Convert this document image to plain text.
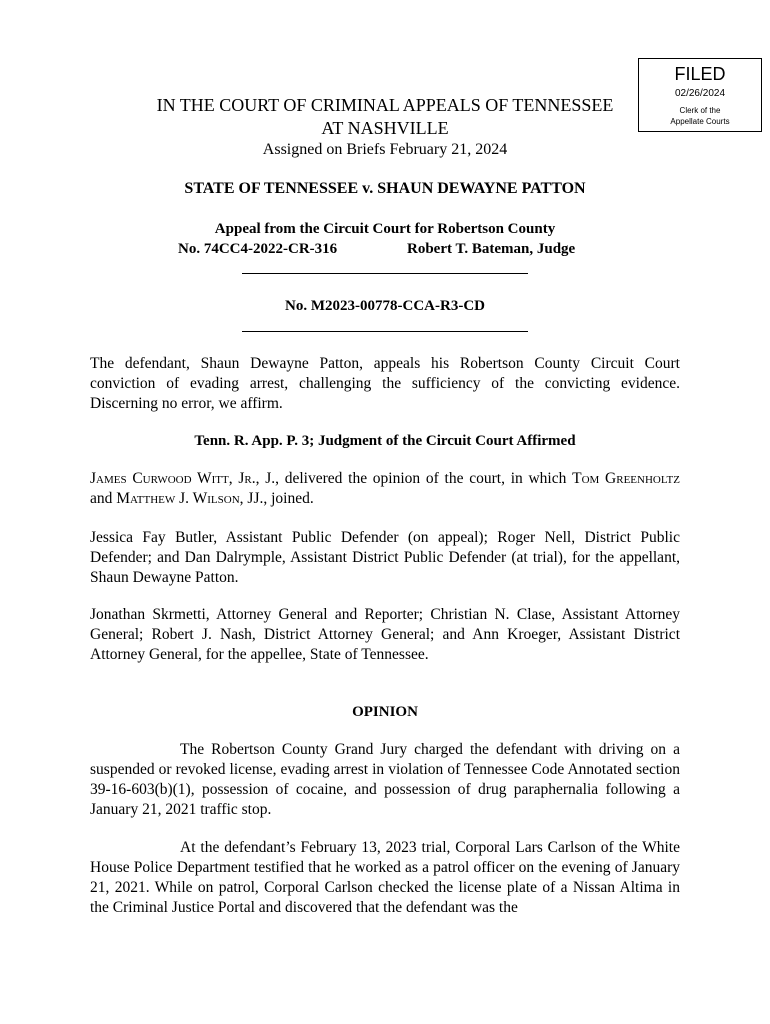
FILED
02/26/2024
Clerk of the
Appellate Courts
IN THE COURT OF CRIMINAL APPEALS OF TENNESSEE
AT NASHVILLE
Assigned on Briefs February 21, 2024
STATE OF TENNESSEE v. SHAUN DEWAYNE PATTON
Appeal from the Circuit Court for Robertson County
No. 74CC4-2022-CR-316	Robert T. Bateman, Judge
No. M2023-00778-CCA-R3-CD
The defendant, Shaun Dewayne Patton, appeals his Robertson County Circuit Court conviction of evading arrest, challenging the sufficiency of the convicting evidence. Discerning no error, we affirm.
Tenn. R. App. P. 3; Judgment of the Circuit Court Affirmed
James Curwood Witt, Jr., J., delivered the opinion of the court, in which Tom Greenholtz and Matthew J. Wilson, JJ., joined.
Jessica Fay Butler, Assistant Public Defender (on appeal); Roger Nell, District Public Defender; and Dan Dalrymple, Assistant District Public Defender (at trial), for the appellant, Shaun Dewayne Patton.
Jonathan Skrmetti, Attorney General and Reporter; Christian N. Clase, Assistant Attorney General; Robert J. Nash, District Attorney General; and Ann Kroeger, Assistant District Attorney General, for the appellee, State of Tennessee.
OPINION
The Robertson County Grand Jury charged the defendant with driving on a suspended or revoked license, evading arrest in violation of Tennessee Code Annotated section 39-16-603(b)(1), possession of cocaine, and possession of drug paraphernalia following a January 21, 2021 traffic stop.
At the defendant’s February 13, 2023 trial, Corporal Lars Carlson of the White House Police Department testified that he worked as a patrol officer on the evening of January 21, 2021. While on patrol, Corporal Carlson checked the license plate of a Nissan Altima in the Criminal Justice Portal and discovered that the defendant was the
